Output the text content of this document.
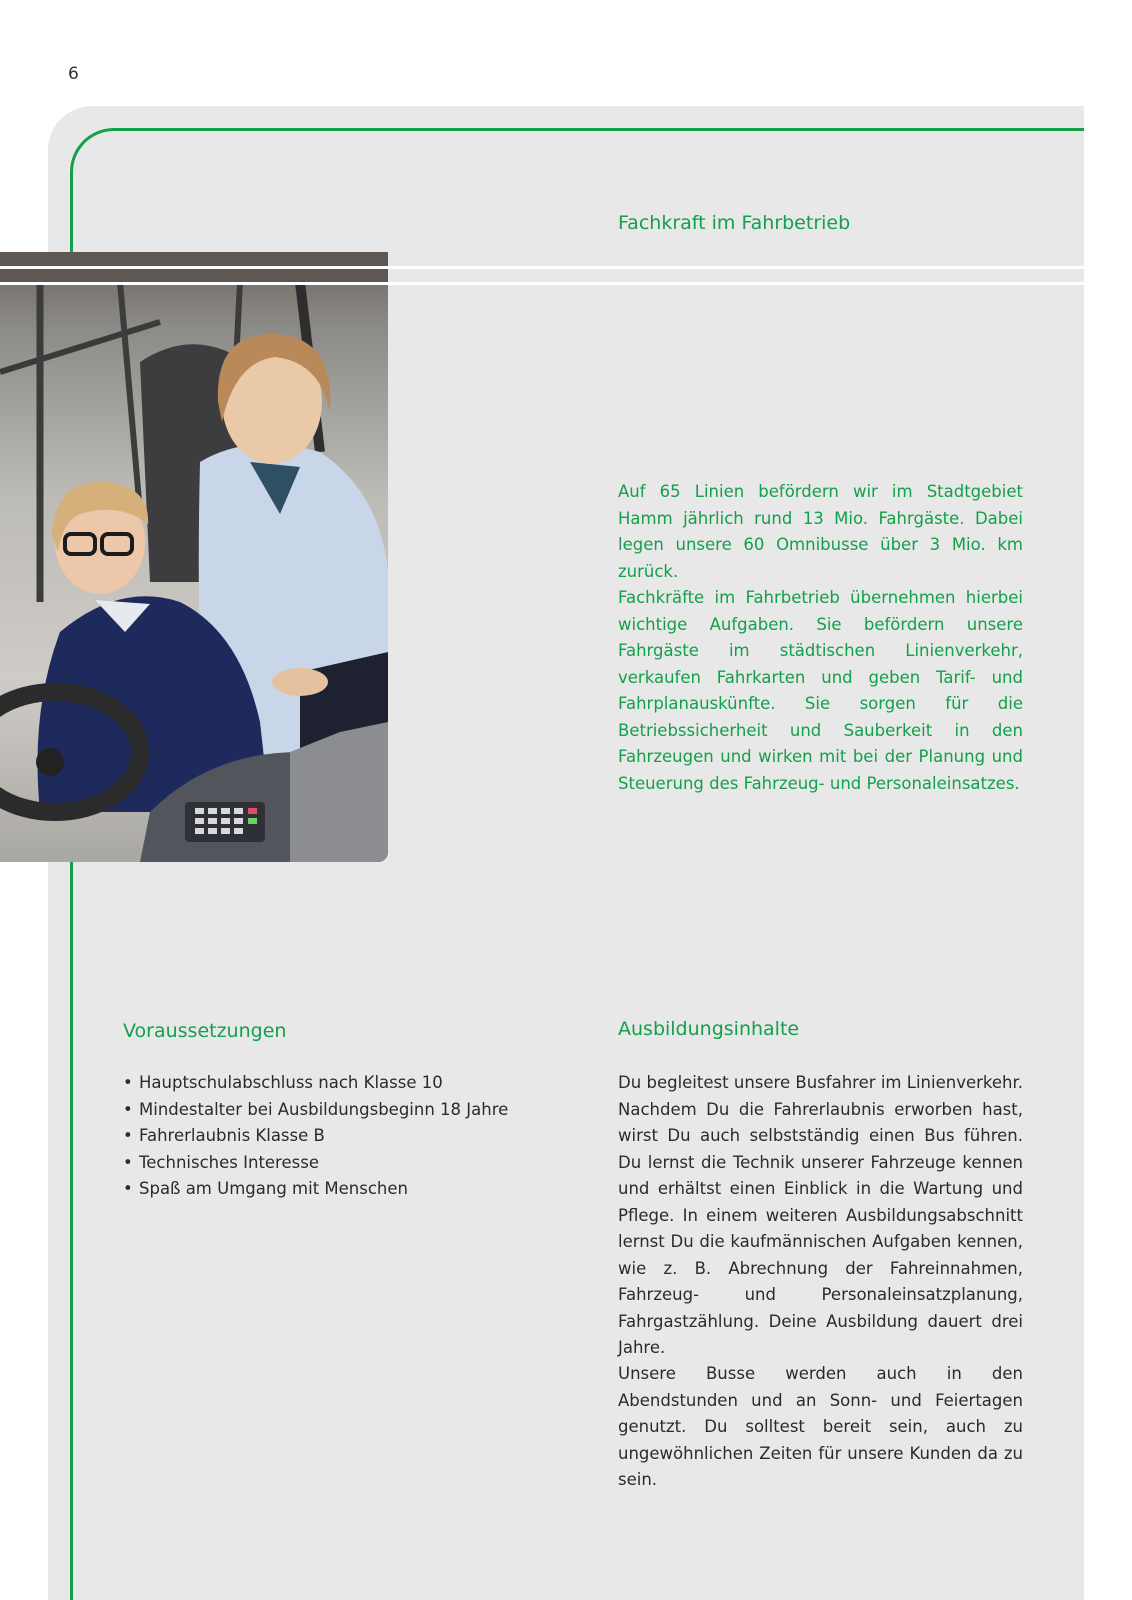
6
Fachkraft im Fahrbetrieb

Auf 65 Linien befördern wir im Stadtgebiet Hamm jährlich rund 13 Mio. Fahrgäste. Dabei legen unsere 60 Omnibusse über 3 Mio. km zurück.

Fachkräfte im Fahrbetrieb übernehmen hierbei wichtige Aufgaben. Sie befördern unsere Fahrgäste im städtischen Linienverkehr, verkaufen Fahrkarten und geben Tarif- und Fahrplanauskünfte. Sie sorgen für die Betriebssicherheit und Sauberkeit in den Fahrzeugen und wirken mit bei der Planung und Steuerung des Fahrzeug- und Personaleinsatzes.

Voraussetzungen
• Hauptschulabschluss nach Klasse 10
• Mindestalter bei Ausbildungsbeginn 18 Jahre
• Fahrerlaubnis Klasse B
• Technisches Interesse
• Spaß am Umgang mit Menschen
Ausbildungsinhalte

Du begleitest unsere Busfahrer im Linienverkehr. Nachdem Du die Fahrerlaubnis erworben hast, wirst Du auch selbstständig einen Bus führen. Du lernst die Technik unserer Fahrzeuge kennen und erhältst einen Einblick in die Wartung und Pflege. In einem weiteren Ausbildungsabschnitt lernst Du die kaufmännischen Aufgaben kennen, wie z. B. Abrechnung der Fahreinnahmen, Fahrzeug- und Personaleinsatzplanung, Fahrgastzählung. Deine Ausbildung dauert drei Jahre.

Unsere Busse werden auch in den Abendstunden und an Sonn- und Feiertagen genutzt. Du solltest bereit sein, auch zu ungewöhnlichen Zeiten für unsere Kunden da zu sein.
